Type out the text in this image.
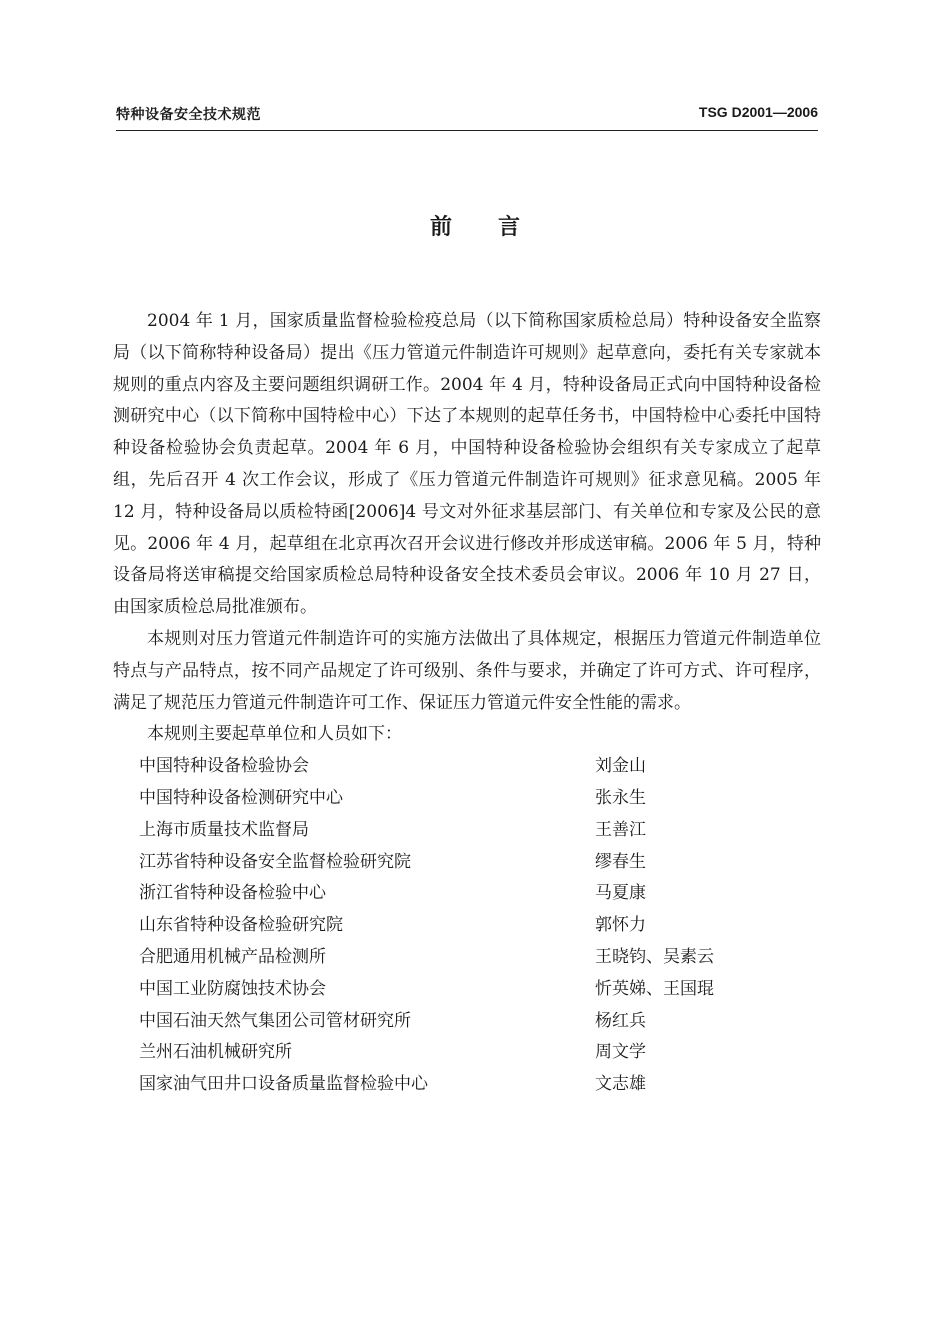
特种设备安全技术规范	TSG D2001—2006
前言

2004 年 1 月，国家质量监督检验检疫总局（以下简称国家质检总局）特种设备安全监察局（以下简称特种设备局）提出《压力管道元件制造许可规则》起草意向，委托有关专家就本规则的重点内容及主要问题组织调研工作。2004 年 4 月，特种设备局正式向中国特种设备检测研究中心（以下简称中国特检中心）下达了本规则的起草任务书，中国特检中心委托中国特种设备检验协会负责起草。2004 年 6 月，中国特种设备检验协会组织有关专家成立了起草组，先后召开 4 次工作会议，形成了《压力管道元件制造许可规则》征求意见稿。2005 年 12 月，特种设备局以质检特函[2006]4 号文对外征求基层部门、有关单位和专家及公民的意见。2006 年 4 月，起草组在北京再次召开会议进行修改并形成送审稿。2006 年 5 月，特种设备局将送审稿提交给国家质检总局特种设备安全技术委员会审议。2006 年 10 月 27 日，由国家质检总局批准颁布。

本规则对压力管道元件制造许可的实施方法做出了具体规定，根据压力管道元件制造单位特点与产品特点，按不同产品规定了许可级别、条件与要求，并确定了许可方式、许可程序，满足了规范压力管道元件制造许可工作、保证压力管道元件安全性能的需求。

本规则主要起草单位和人员如下：

中国特种设备检验协会	刘金山
中国特种设备检测研究中心	张永生
上海市质量技术监督局	王善江
江苏省特种设备安全监督检验研究院	缪春生
浙江省特种设备检验中心	马夏康
山东省特种设备检验研究院	郭怀力
合肥通用机械产品检测所	王晓钧、吴素云
中国工业防腐蚀技术协会	忻英娣、王国琨
中国石油天然气集团公司管材研究所	杨红兵
兰州石油机械研究所	周文学
国家油气田井口设备质量监督检验中心	文志雄
